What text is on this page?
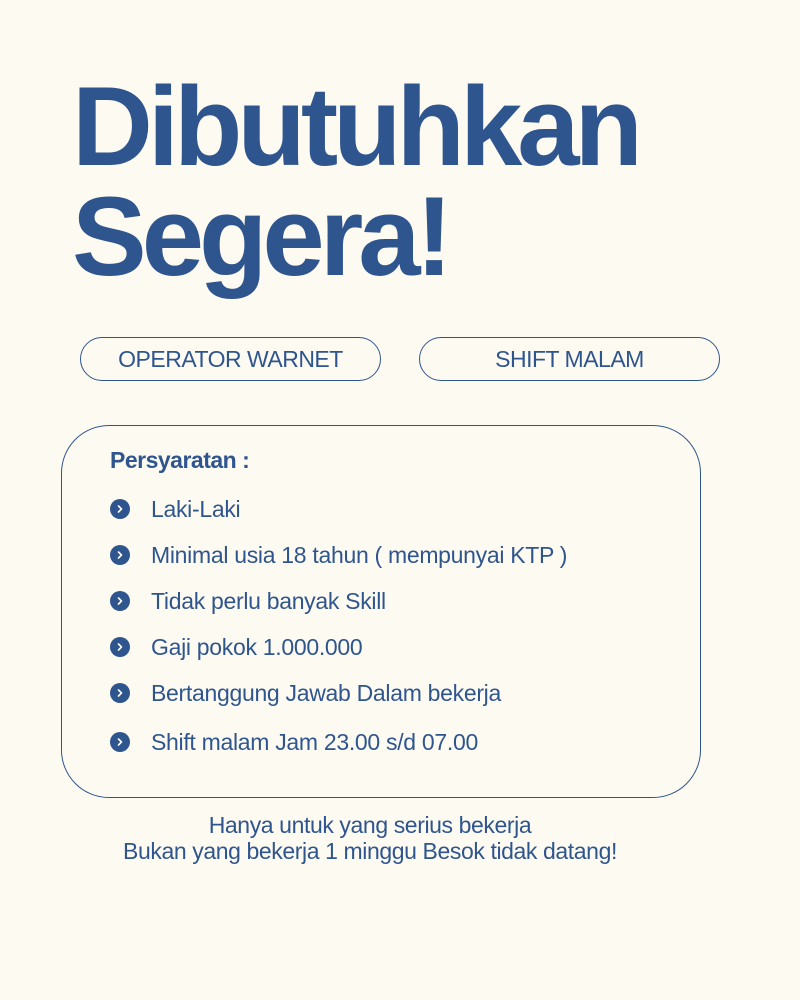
Dibutuhkan
Segera!
OPERATOR WARNET	SHIFT MALAM
Persyaratan :
Laki-Laki
Minimal usia 18 tahun ( mempunyai KTP )
Tidak perlu banyak Skill
Gaji pokok 1.000.000
Bertanggung Jawab Dalam bekerja
Shift malam Jam 23.00 s/d 07.00
Hanya untuk yang serius bekerja
Bukan yang bekerja 1 minggu Besok tidak datang!
